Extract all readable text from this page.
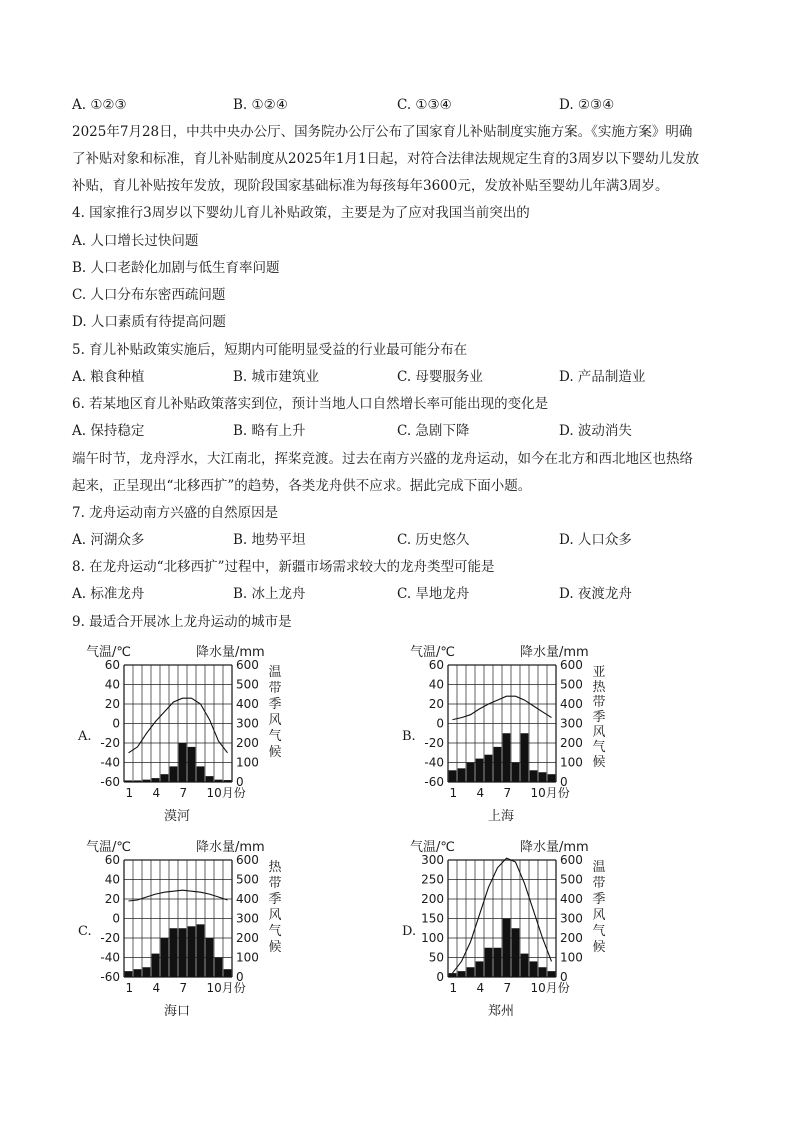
A. ①②③	B. ①②④	C. ①③④	D. ②③④
2025年7月28日，中共中央办公厅、国务院办公厅公布了国家育儿补贴制度实施方案。《实施方案》明确
了补贴对象和标准，育儿补贴制度从2025年1月1日起，对符合法律法规规定生育的3周岁以下婴幼儿发放
补贴，育儿补贴按年发放，现阶段国家基础标准为每孩每年3600元，发放补贴至婴幼儿年满3周岁。
4. 国家推行3周岁以下婴幼儿育儿补贴政策，主要是为了应对我国当前突出的
A. 人口增长过快问题
B. 人口老龄化加剧与低生育率问题
C. 人口分布东密西疏问题
D. 人口素质有待提高问题
5. 育儿补贴政策实施后，短期内可能明显受益的行业最可能分布在
A. 粮食种植	B. 城市建筑业	C. 母婴服务业	D. 产品制造业
6. 若某地区育儿补贴政策落实到位，预计当地人口自然增长率可能出现的变化是
A. 保持稳定	B. 略有上升	C. 急剧下降	D. 波动消失
端午时节，龙舟浮水，大江南北，挥桨竞渡。过去在南方兴盛的龙舟运动，如今在北方和西北地区也热络
起来，正呈现出“北移西扩”的趋势，各类龙舟供不应求。据此完成下面小题。
7. 龙舟运动南方兴盛的自然原因是
A. 河湖众多	B. 地势平坦	C. 历史悠久	D. 人口众多
8. 在龙舟运动“北移西扩”过程中，新疆市场需求较大的龙舟类型可能是
A. 标准龙舟	B. 冰上龙舟	C. 旱地龙舟	D. 夜渡龙舟
9. 最适合开展冰上龙舟运动的城市是
A.
气温/℃	降水量/mm
60
40
20
0
-20
-40
-60
600
500
400
300
200
100
0
1 4 7 10月份
温
带
季
风
气
候
漠河
B.
气温/℃	降水量/mm
60
40
20
0
-20
-40
-60
600
500
400
300
200
100
0
1 4 7 10月份
亚
热
带
季
风
气
候
上海
C.
气温/℃	降水量/mm
60
40
20
0
-20
-40
-60
600
500
400
300
200
100
0
1 4 7 10月份
热
带
季
风
气
候
海口
D.
气温/℃	降水量/mm
300
250
200
150
100
50
0
600
500
400
300
200
100
0
1 4 7 10月份
温
带
季
风
气
候
郑州
